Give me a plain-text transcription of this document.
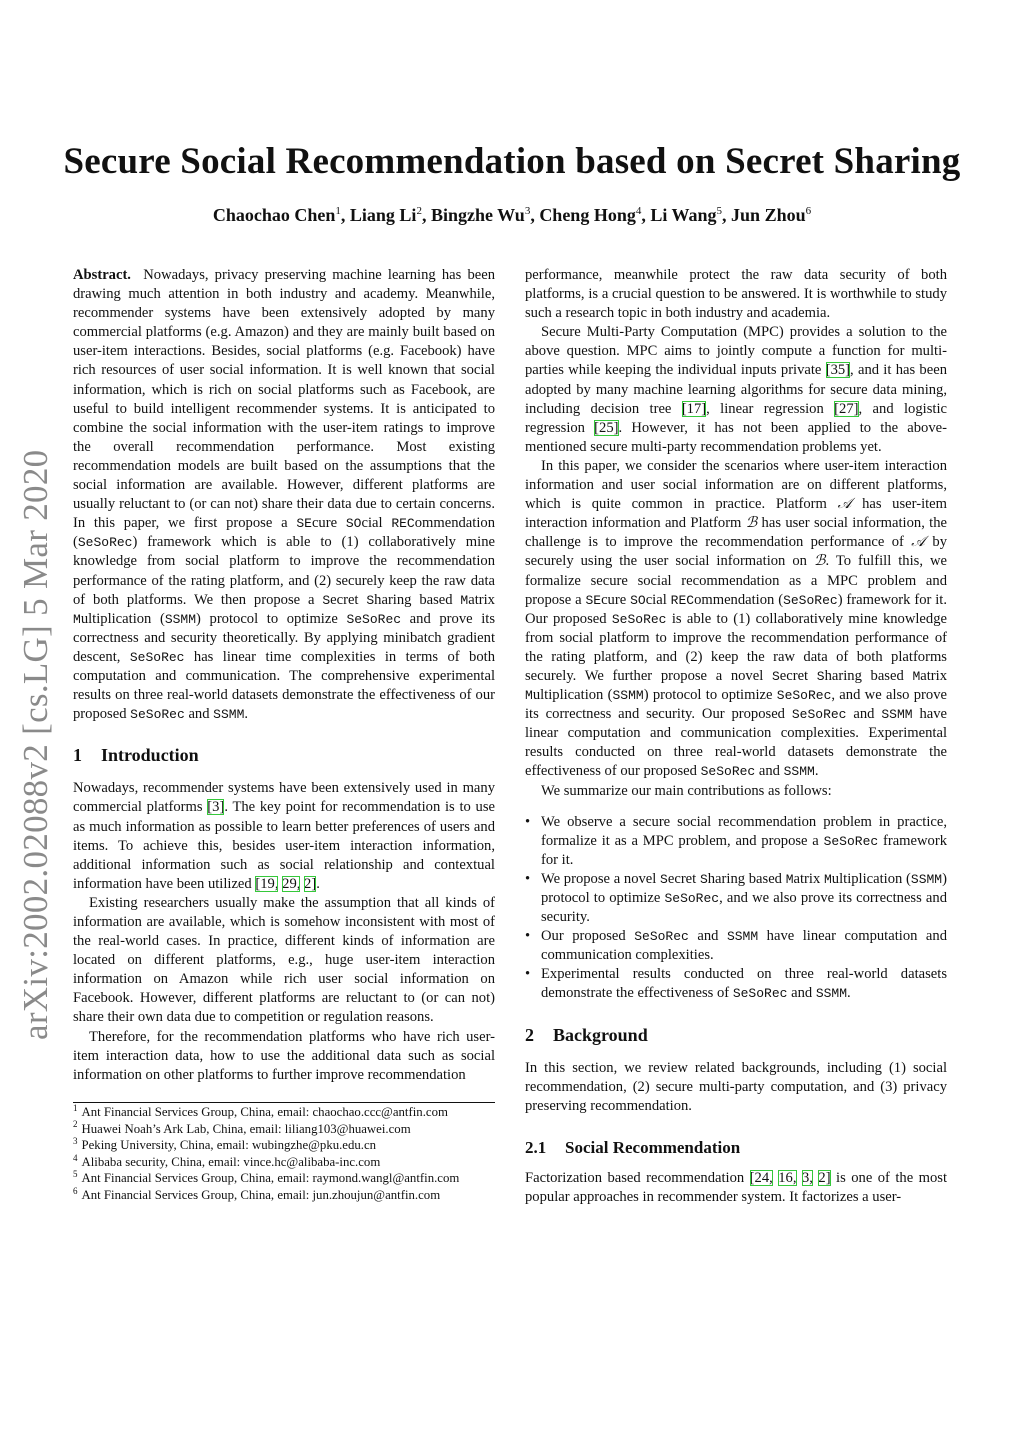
arXiv:2002.02088v2 [cs.LG] 5 Mar 2020
Secure Social Recommendation based on Secret Sharing
Chaochao Chen$^1$, Liang Li$^2$, Bingzhe Wu$^3$, Cheng Hong$^4$, Li Wang$^5$, Jun Zhou$^6$

Abstract. Nowadays, privacy preserving machine learning has been drawing much attention in both industry and academy. Meanwhile, recommender systems have been extensively adopted by many commercial platforms (e.g. Amazon) and they are mainly built based on user-item interactions. Besides, social platforms (e.g. Facebook) have rich resources of user social information. It is well known that social information, which is rich on social platforms such as Facebook, are useful to build intelligent recommender systems. It is anticipated to combine the social information with the user-item ratings to improve the overall recommendation performance. Most existing recommendation models are built based on the assumptions that the social information are available. However, different platforms are usually reluctant to (or can not) share their data due to certain concerns. In this paper, we first propose a SEcure SOcial RECommendation (SeSoRec) framework which is able to (1) collaboratively mine knowledge from social platform to improve the recommendation performance of the rating platform, and (2) securely keep the raw data of both platforms. We then propose a Secret Sharing based Matrix Multiplication (SSMM) protocol to optimize SeSoRec and prove its correctness and security theoretically. By applying minibatch gradient descent, SeSoRec has linear time complexities in terms of both computation and communication. The comprehensive experimental results on three real-world datasets demonstrate the effectiveness of our proposed SeSoRec and SSMM.

1 Introduction

Nowadays, recommender systems have been extensively used in many commercial platforms [3]. The key point for recommendation is to use as much information as possible to learn better preferences of users and items. To achieve this, besides user-item interaction information, additional information such as social relationship and contextual information have been utilized [19, 29, 2].

Existing researchers usually make the assumption that all kinds of information are available, which is somehow inconsistent with most of the real-world cases. In practice, different kinds of information are located on different platforms, e.g., huge user-item interaction information on Amazon while rich user social information on Facebook. However, different platforms are reluctant to (or can not) share their own data due to competition or regulation reasons.

Therefore, for the recommendation platforms who have rich user-item interaction data, how to use the additional data such as social information on other platforms to further improve recommendation

$^1$ Ant Financial Services Group, China, email: chaochao.ccc@antfin.com
$^2$ Huawei Noah’s Ark Lab, China, email: liliang103@huawei.com
$^3$ Peking University, China, email: wubingzhe@pku.edu.cn
$^4$ Alibaba security, China, email: vince.hc@alibaba-inc.com
$^5$ Ant Financial Services Group, China, email: raymond.wangl@antfin.com
$^6$ Ant Financial Services Group, China, email: jun.zhoujun@antfin.com

performance, meanwhile protect the raw data security of both platforms, is a crucial question to be answered. It is worthwhile to study such a research topic in both industry and academia.

Secure Multi-Party Computation (MPC) provides a solution to the above question. MPC aims to jointly compute a function for multi-parties while keeping the individual inputs private [35], and it has been adopted by many machine learning algorithms for secure data mining, including decision tree [17], linear regression [27], and logistic regression [25]. However, it has not been applied to the above-mentioned secure multi-party recommendation problems yet.

In this paper, we consider the scenarios where user-item interaction information and user social information are on different platforms, which is quite common in practice. Platform 𝒜 has user-item interaction information and Platform ℬ has user social information, the challenge is to improve the recommendation performance of 𝒜 by securely using the user social information on ℬ. To fulfill this, we formalize secure social recommendation as a MPC problem and propose a SEcure SOcial RECommendation (SeSoRec) framework for it. Our proposed SeSoRec is able to (1) collaboratively mine knowledge from social platform to improve the recommendation performance of the rating platform, and (2) keep the raw data of both platforms securely. We further propose a novel Secret Sharing based Matrix Multiplication (SSMM) protocol to optimize SeSoRec, and we also prove its correctness and security. Our proposed SeSoRec and SSMM have linear computation and communication complexities. Experimental results conducted on three real-world datasets demonstrate the effectiveness of our proposed SeSoRec and SSMM.

We summarize our main contributions as follows:

• We observe a secure social recommendation problem in practice, formalize it as a MPC problem, and propose a SeSoRec framework for it.
• We propose a novel Secret Sharing based Matrix Multiplication (SSMM) protocol to optimize SeSoRec, and we also prove its correctness and security.
• Our proposed SeSoRec and SSMM have linear computation and communication complexities.
• Experimental results conducted on three real-world datasets demonstrate the effectiveness of SeSoRec and SSMM.
2 Background

In this section, we review related backgrounds, including (1) social recommendation, (2) secure multi-party computation, and (3) privacy preserving recommendation.

2.1 Social Recommendation

Factorization based recommendation [24, 16, 3, 2] is one of the most popular approaches in recommender system. It factorizes a user-
